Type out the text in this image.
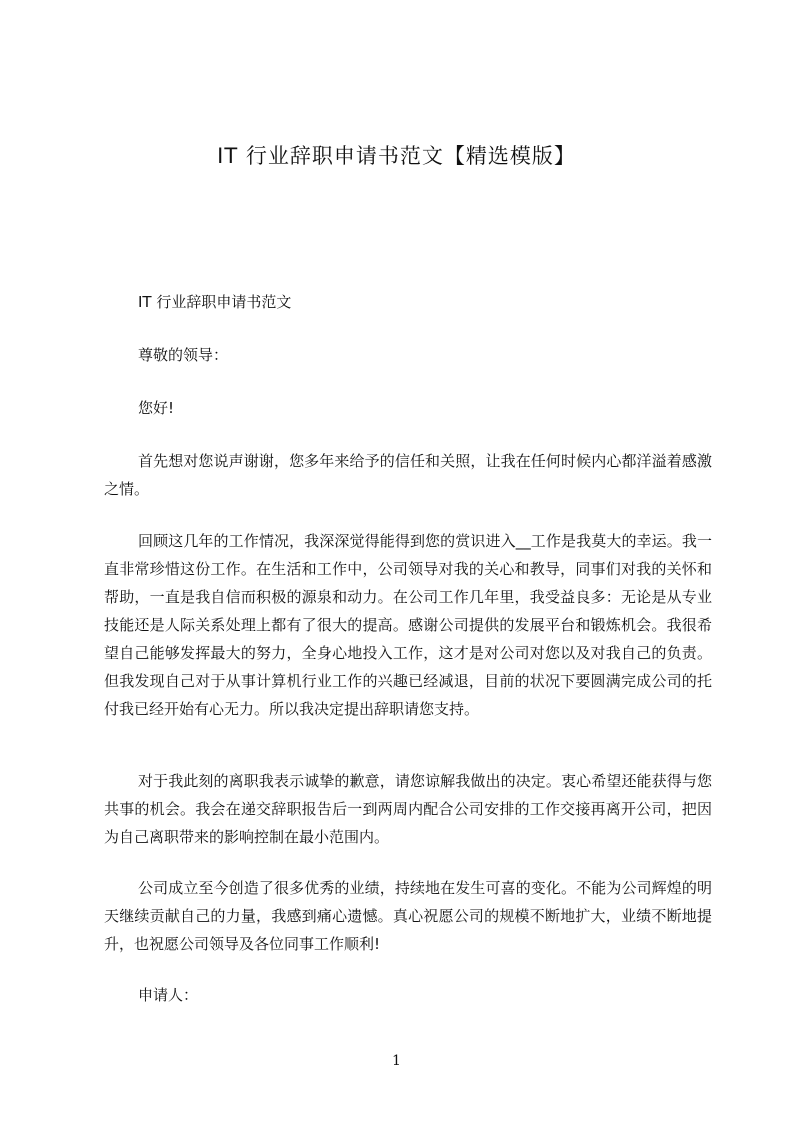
IT 行业辞职申请书范文【精选模版】
IT 行业辞职申请书范文
尊敬的领导：
您好!
首先想对您说声谢谢，您多年来给予的信任和关照，让我在任何时候内心都洋溢着感激之情。
回顾这几年的工作情况，我深深觉得能得到您的赏识进入__工作是我莫大的幸运。我一直非常珍惜这份工作。在生活和工作中，公司领导对我的关心和教导，同事们对我的关怀和帮助，一直是我自信而积极的源泉和动力。在公司工作几年里，我受益良多：无论是从专业技能还是人际关系处理上都有了很大的提高。感谢公司提供的发展平台和锻炼机会。我很希望自己能够发挥最大的努力，全身心地投入工作，这才是对公司对您以及对我自己的负责。但我发现自己对于从事计算机行业工作的兴趣已经减退，目前的状况下要圆满完成公司的托付我已经开始有心无力。所以我决定提出辞职请您支持。
对于我此刻的离职我表示诚挚的歉意，请您谅解我做出的决定。衷心希望还能获得与您共事的机会。我会在递交辞职报告后一到两周内配合公司安排的工作交接再离开公司，把因为自己离职带来的影响控制在最小范围内。
公司成立至今创造了很多优秀的业绩，持续地在发生可喜的变化。不能为公司辉煌的明天继续贡献自己的力量，我感到痛心遗憾。真心祝愿公司的规模不断地扩大，业绩不断地提升，也祝愿公司领导及各位同事工作顺利!
申请人：
1
